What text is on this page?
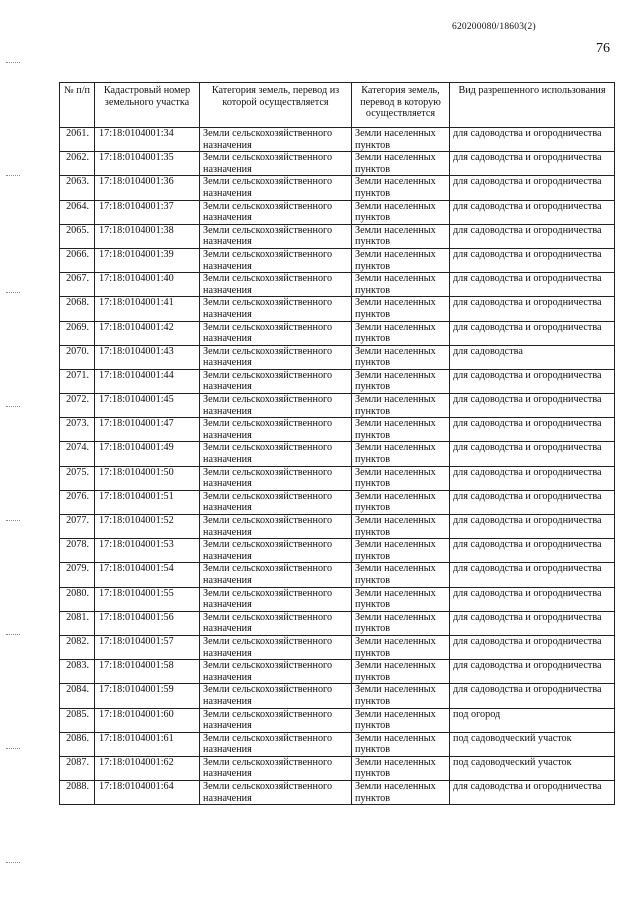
620200080/18603(2)
76
№ п/п	Кадастровый номер земельного участка	Категория земель, перевод из которой осуществляется	Категория земель, перевод в которую осуществляется	Вид разрешенного использования
2061.	17:18:0104001:34	Земли сельскохозяйственного назначения	Земли населенных пунктов	для садоводства и огородничества
2062.	17:18:0104001:35	Земли сельскохозяйственного назначения	Земли населенных пунктов	для садоводства и огородничества
2063.	17:18:0104001:36	Земли сельскохозяйственного назначения	Земли населенных пунктов	для садоводства и огородничества
2064.	17:18:0104001:37	Земли сельскохозяйственного назначения	Земли населенных пунктов	для садоводства и огородничества
2065.	17:18:0104001:38	Земли сельскохозяйственного назначения	Земли населенных пунктов	для садоводства и огородничества
2066.	17:18:0104001:39	Земли сельскохозяйственного назначения	Земли населенных пунктов	для садоводства и огородничества
2067.	17:18:0104001:40	Земли сельскохозяйственного назначения	Земли населенных пунктов	для садоводства и огородничества
2068.	17:18:0104001:41	Земли сельскохозяйственного назначения	Земли населенных пунктов	для садоводства и огородничества
2069.	17:18:0104001:42	Земли сельскохозяйственного назначения	Земли населенных пунктов	для садоводства и огородничества
2070.	17:18:0104001:43	Земли сельскохозяйственного назначения	Земли населенных пунктов	для садоводства
2071.	17:18:0104001:44	Земли сельскохозяйственного назначения	Земли населенных пунктов	для садоводства и огородничества
2072.	17:18:0104001:45	Земли сельскохозяйственного назначения	Земли населенных пунктов	для садоводства и огородничества
2073.	17:18:0104001:47	Земли сельскохозяйственного назначения	Земли населенных пунктов	для садоводства и огородничества
2074.	17:18:0104001:49	Земли сельскохозяйственного назначения	Земли населенных пунктов	для садоводства и огородничества
2075.	17:18:0104001:50	Земли сельскохозяйственного назначения	Земли населенных пунктов	для садоводства и огородничества
2076.	17:18:0104001:51	Земли сельскохозяйственного назначения	Земли населенных пунктов	для садоводства и огородничества
2077.	17:18:0104001:52	Земли сельскохозяйственного назначения	Земли населенных пунктов	для садоводства и огородничества
2078.	17:18:0104001:53	Земли сельскохозяйственного назначения	Земли населенных пунктов	для садоводства и огородничества
2079.	17:18:0104001:54	Земли сельскохозяйственного назначения	Земли населенных пунктов	для садоводства и огородничества
2080.	17:18:0104001:55	Земли сельскохозяйственного назначения	Земли населенных пунктов	для садоводства и огородничества
2081.	17:18:0104001:56	Земли сельскохозяйственного назначения	Земли населенных пунктов	для садоводства и огородничества
2082.	17:18:0104001:57	Земли сельскохозяйственного назначения	Земли населенных пунктов	для садоводства и огородничества
2083.	17:18:0104001:58	Земли сельскохозяйственного назначения	Земли населенных пунктов	для садоводства и огородничества
2084.	17:18:0104001:59	Земли сельскохозяйственного назначения	Земли населенных пунктов	для садоводства и огородничества
2085.	17:18:0104001:60	Земли сельскохозяйственного назначения	Земли населенных пунктов	под огород
2086.	17:18:0104001:61	Земли сельскохозяйственного назначения	Земли населенных пунктов	под садоводческий участок
2087.	17:18:0104001:62	Земли сельскохозяйственного назначения	Земли населенных пунктов	под садоводческий участок
2088.	17:18:0104001:64	Земли сельскохозяйственного назначения	Земли населенных пунктов	для садоводства и огородничества
